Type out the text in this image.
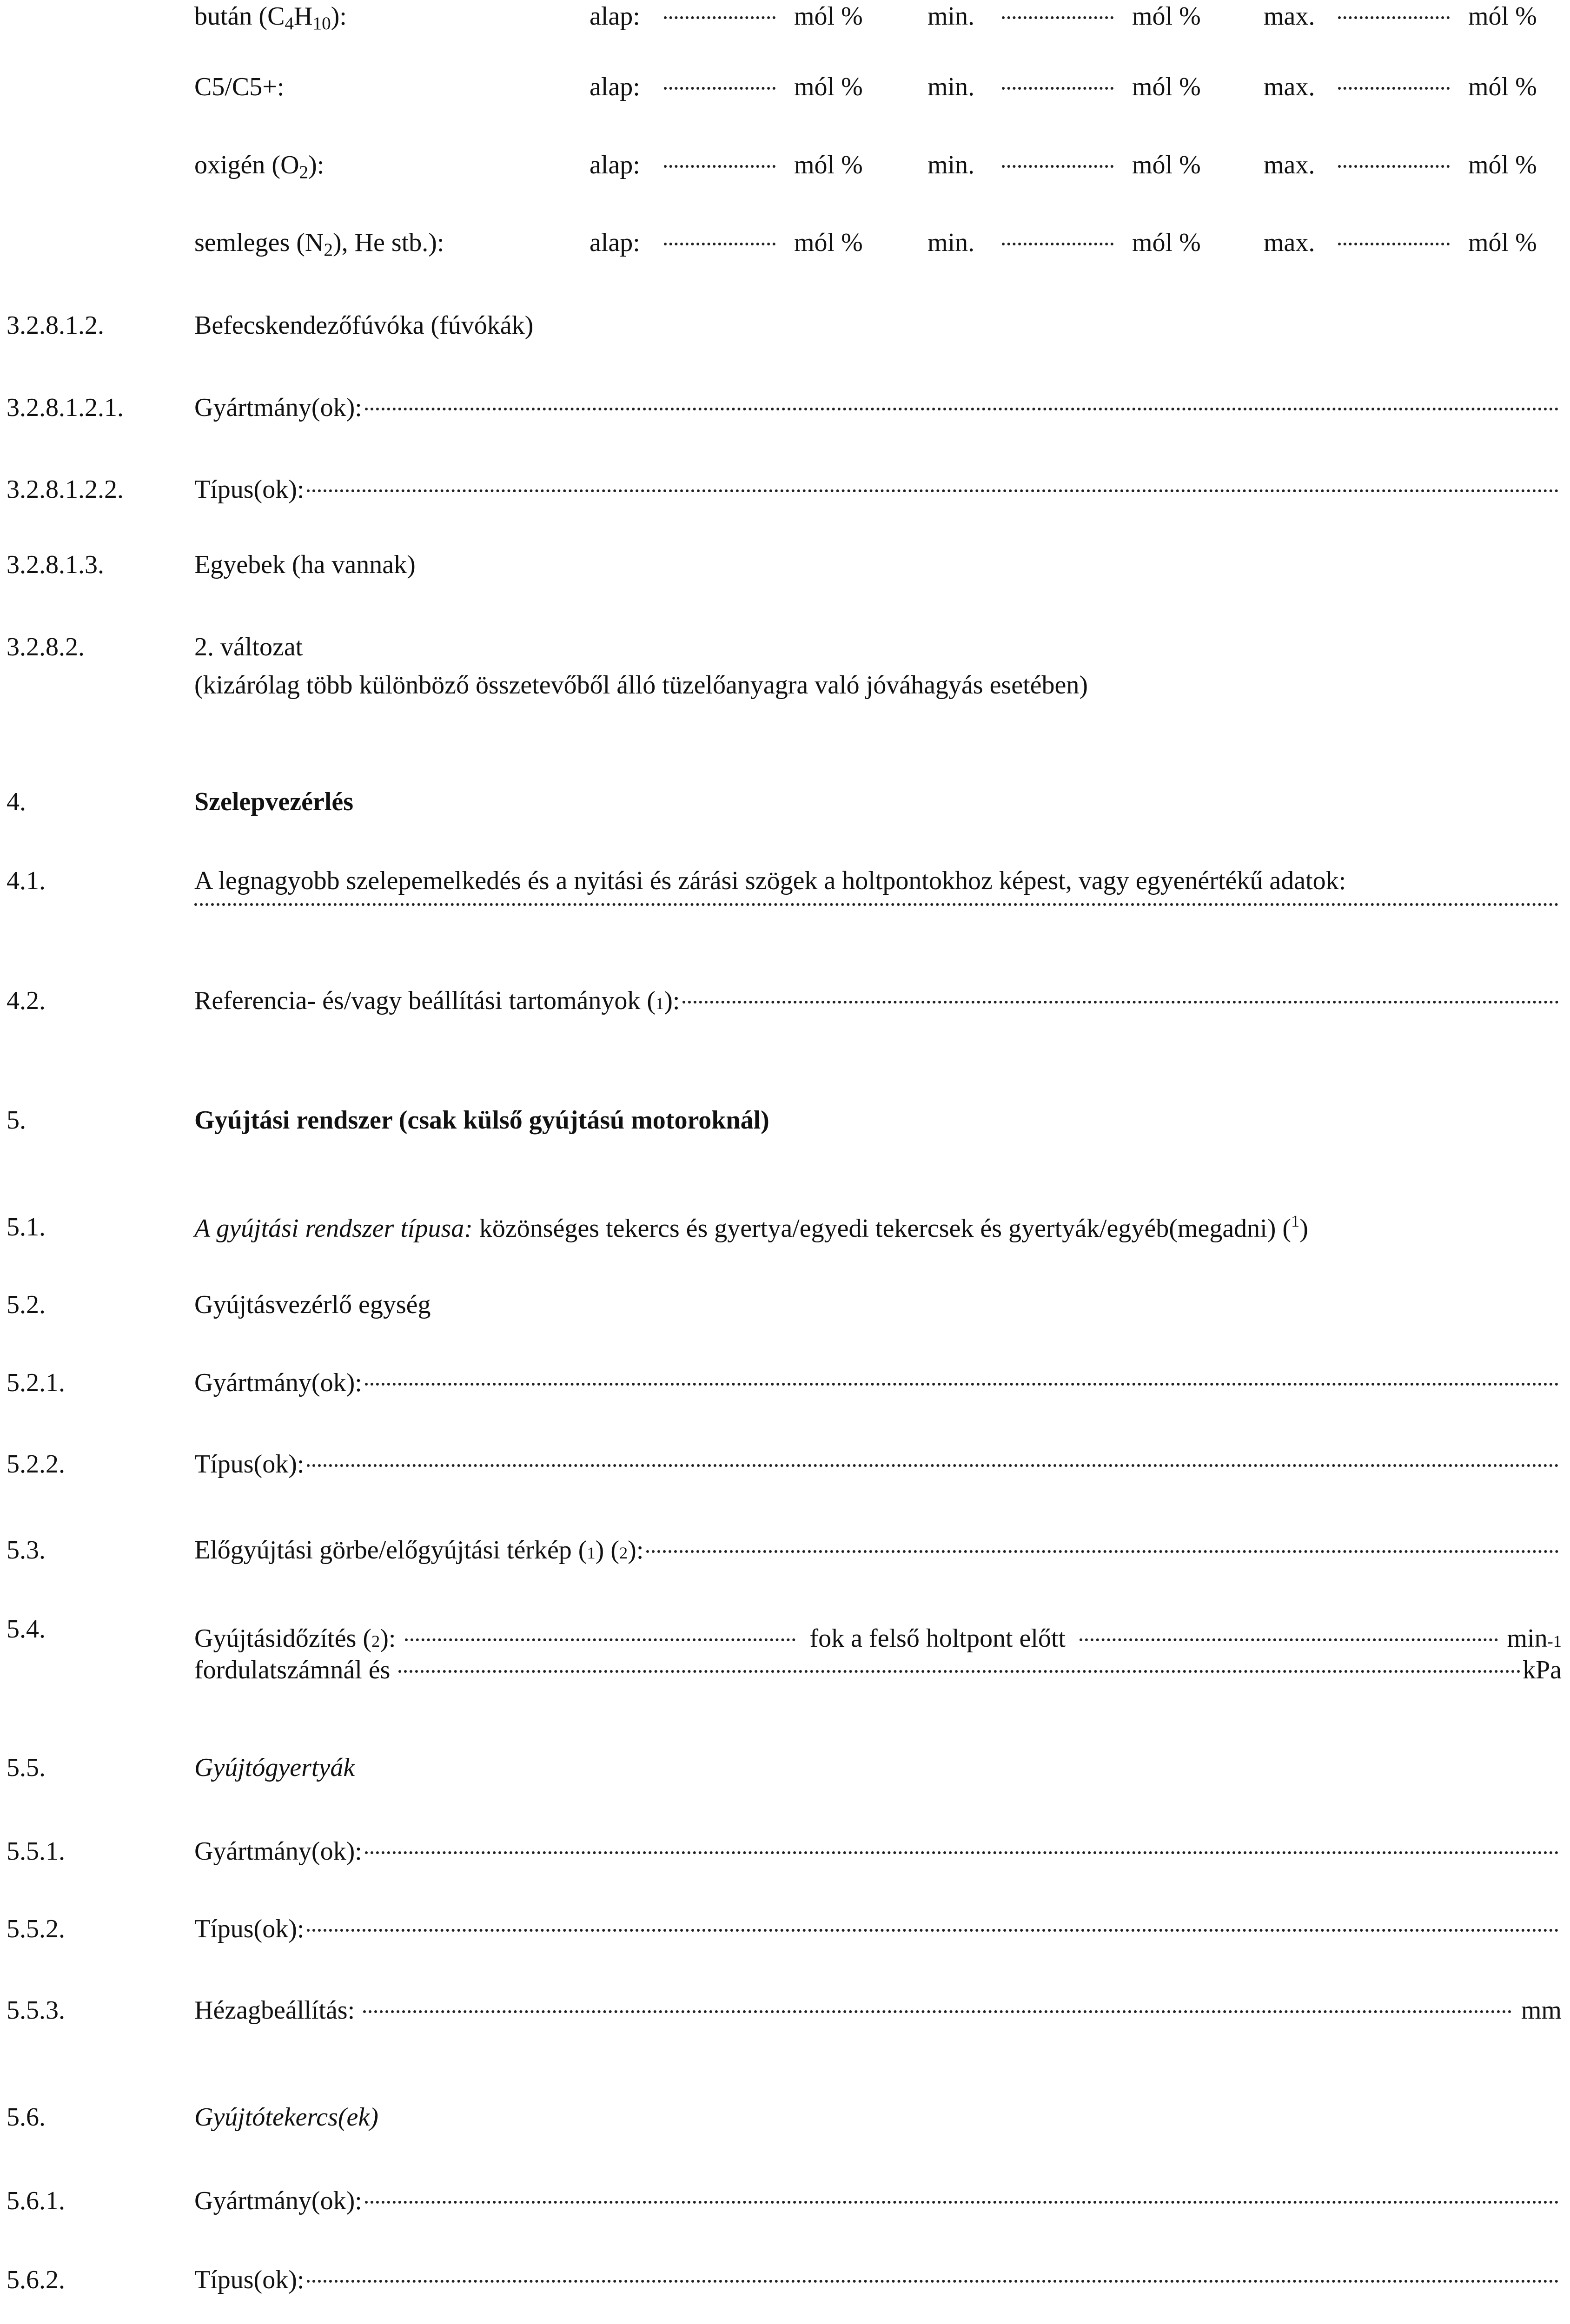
bután $(C_4H_{10})$:	alap:	mól % min.	mól % max.	mól %
C5/C5+:	alap:	mól % min.	mól % max.	mól %
oxigén $(O_2)$:	alap:	mól % min.	mól % max.	mól %
semleges $(N_2)$, He stb.):	alap:	mól % min.	mól % max.	mól %
3.2.8.1.2.	Befecskendezőfúvóka (fúvókák)
3.2.8.1.2.1.	Gyártmány(ok):
3.2.8.1.2.2.	Típus(ok):
3.2.8.1.3.	Egyebek (ha vannak)
3.2.8.2.	2. változat
(kizárólag több különböző összetevőből álló tüzelőanyagra való jóváhagyás esetében)
4.	Szelepvezérlés
4.1.	A legnagyobb szelepemelkedés és a nyitási és zárási szögek a holtpontokhoz képest, vagy egyenértékű adatok:
4.2.	Referencia- és/vagy beállítási tartományok ( 1 ):
5.	Gyújtási rendszer (csak külső gyújtású motoroknál)
5.1.	A gyújtási rendszer típusa: közönséges tekercs és gyertya/egyedi tekercsek és gyertyák/egyéb(megadni) ($^1$)
5.2.	Gyújtásvezérlő egység
5.2.1.	Gyártmány(ok):
5.2.2.	Típus(ok):
5.3.	Előgyújtási görbe/előgyújtási térkép ( 1 ) ( 2 ):
5.4.	Gyújtásidőzítés ( 2 ):	fok a felső holtpont előtt	min -1
fordulatszámnál és	kPa
5.5.	Gyújtógyertyák
5.5.1.	Gyártmány(ok):
5.5.2.	Típus(ok):
5.5.3.	Hézagbeállítás:	mm
5.6.	Gyújtótekercs(ek)
5.6.1.	Gyártmány(ok):
5.6.2.	Típus(ok):
